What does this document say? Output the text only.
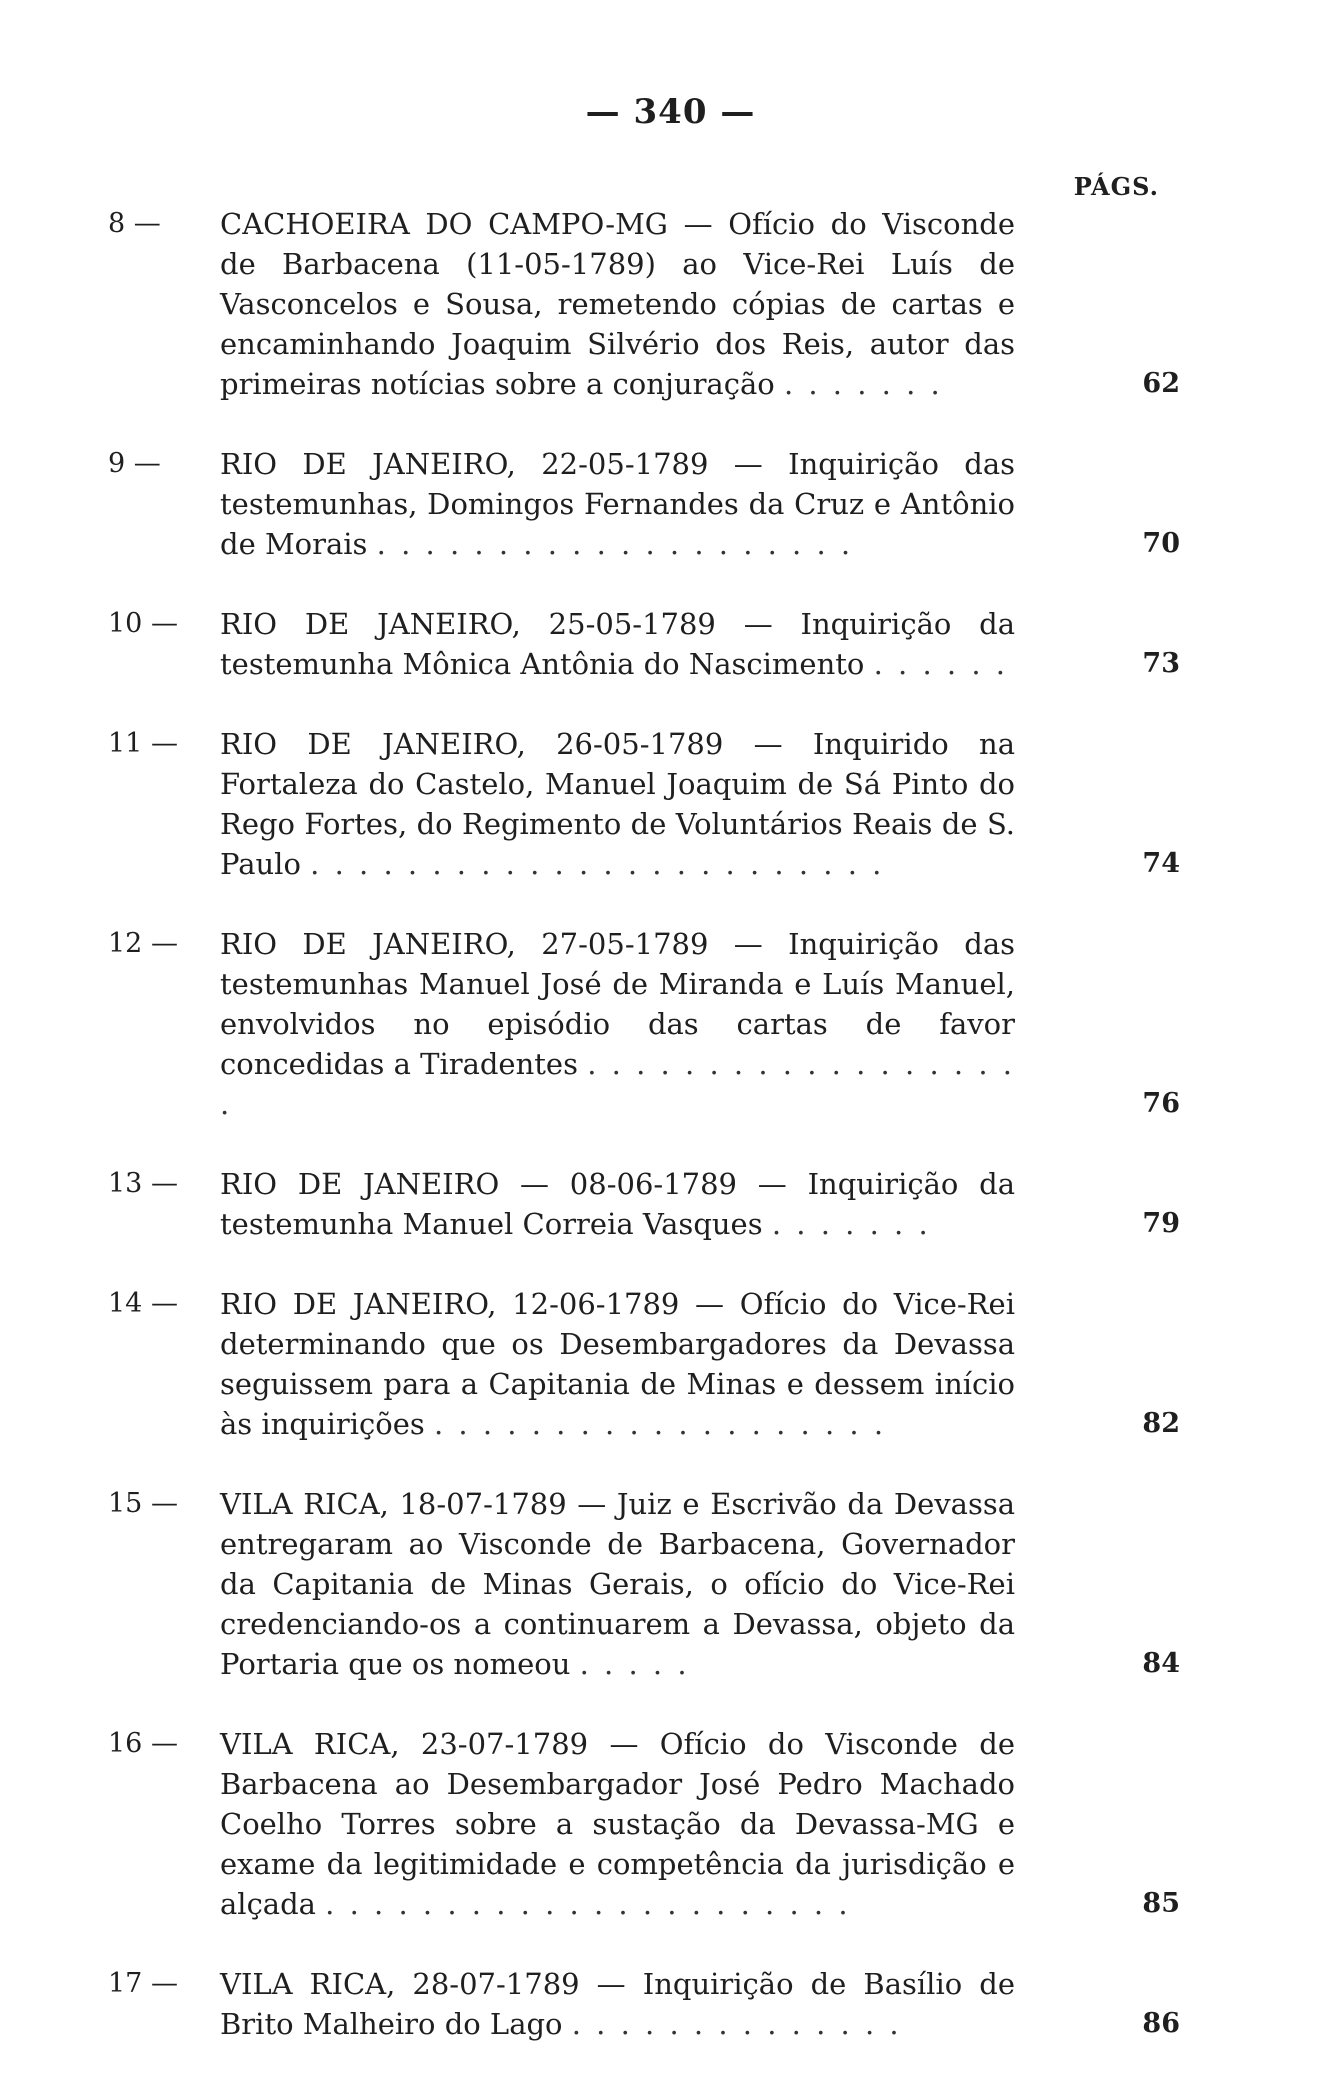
— 340 —
PÁGS.
8 —	CACHOEIRA DO CAMPO-MG — Ofício do Visconde de Barbacena (11-05-1789) ao Vice-Rei Luís de Vasconcelos e Sousa, remetendo cópias de cartas e encaminhando Joaquim Silvério dos Reis, autor das primeiras notícias sobre a conjuração . . . . . . .	62
9 —	RIO DE JANEIRO, 22-05-1789 — Inquirição das testemunhas, Domingos Fernandes da Cruz e Antônio de Morais . . . . . . . . . . . . . . . . . . . .	70
10 — RIO DE JANEIRO, 25-05-1789 — Inquirição da testemunha Mônica Antônia do Nascimento . . . . . .	73
11 — RIO DE JANEIRO, 26-05-1789 — Inquirido na Fortaleza do Castelo, Manuel Joaquim de Sá Pinto do Rego Fortes, do Regimento de Voluntários Reais de S. Paulo . . . . . . . . . . . . . . . . . . . . . . . .	74
12 — RIO DE JANEIRO, 27-05-1789 — Inquirição das testemunhas Manuel José de Miranda e Luís Manuel, envolvidos no episódio das cartas de favor concedidas a Tiradentes . . . . . . . . . . . . . . . . . . .	76
13 — RIO DE JANEIRO — 08-06-1789 — Inquirição da testemunha Manuel Correia Vasques . . . . . . .	79
14 — RIO DE JANEIRO, 12-06-1789 — Ofício do Vice-Rei determinando que os Desembargadores da Devassa seguissem para a Capitania de Minas e dessem início às inquirições . . . . . . . . . . . . . . . . . . .	82
15 — VILA RICA, 18-07-1789 — Juiz e Escrivão da Devassa entregaram ao Visconde de Barbacena, Governador da Capitania de Minas Gerais, o ofício do Vice-Rei credenciando-os a continuarem a Devassa, objeto da Portaria que os nomeou . . . . .	84
16 — VILA RICA, 23-07-1789 — Ofício do Visconde de Barbacena ao Desembargador José Pedro Machado Coelho Torres sobre a sustação da Devassa-MG e exame da legitimidade e competência da jurisdição e alçada . . . . . . . . . . . . . . . . . . . . . .	85
17 — VILA RICA, 28-07-1789 — Inquirição de Basílio de Brito Malheiro do Lago . . . . . . . . . . . . . .	86
